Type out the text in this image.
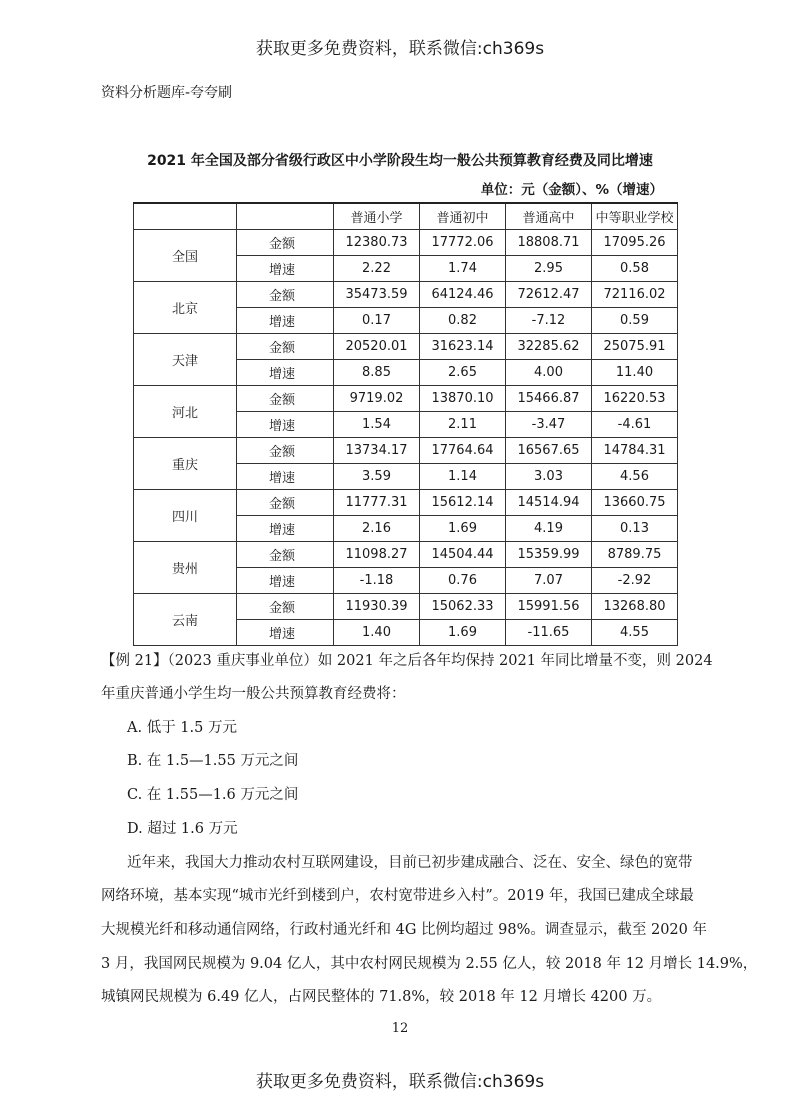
获取更多免费资料，联系微信:ch369s
资料分析题库-夸夸刷
2021 年全国及部分省级行政区中小学阶段生均一般公共预算教育经费及同比增速
单位：元（金额）、%（增速）
		普通小学	普通初中	普通高中	中等职业学校
全国	金额	12380.73	17772.06	18808.71	17095.26
	增速	2.22	1.74	2.95	0.58
北京	金额	35473.59	64124.46	72612.47	72116.02
	增速	0.17	0.82	-7.12	0.59
天津	金额	20520.01	31623.14	32285.62	25075.91
	增速	8.85	2.65	4.00	11.40
河北	金额	9719.02	13870.10	15466.87	16220.53
	增速	1.54	2.11	-3.47	-4.61
重庆	金额	13734.17	17764.64	16567.65	14784.31
	增速	3.59	1.14	3.03	4.56
四川	金额	11777.31	15612.14	14514.94	13660.75
	增速	2.16	1.69	4.19	0.13
贵州	金额	11098.27	14504.44	15359.99	8789.75
	增速	-1.18	0.76	7.07	-2.92
云南	金额	11930.39	15062.33	15991.56	13268.80
	增速	1.40	1.69	-11.65	4.55
【例 21】（2023 重庆事业单位）如 2021 年之后各年均保持 2021 年同比增量不变，则 2024
年重庆普通小学生均一般公共预算教育经费将：
A. 低于 1.5 万元
B. 在 1.5—1.55 万元之间
C. 在 1.55—1.6 万元之间
D. 超过 1.6 万元
近年来，我国大力推动农村互联网建设，目前已初步建成融合、泛在、安全、绿色的宽带
网络环境，基本实现“城市光纤到楼到户，农村宽带进乡入村”。2019 年，我国已建成全球最
大规模光纤和移动通信网络，行政村通光纤和 4G 比例均超过 98%。调查显示，截至 2020 年
3 月，我国网民规模为 9.04 亿人，其中农村网民规模为 2.55 亿人，较 2018 年 12 月增长 14.9%，
城镇网民规模为 6.49 亿人，占网民整体的 71.8%，较 2018 年 12 月增长 4200 万。
12
获取更多免费资料，联系微信:ch369s
